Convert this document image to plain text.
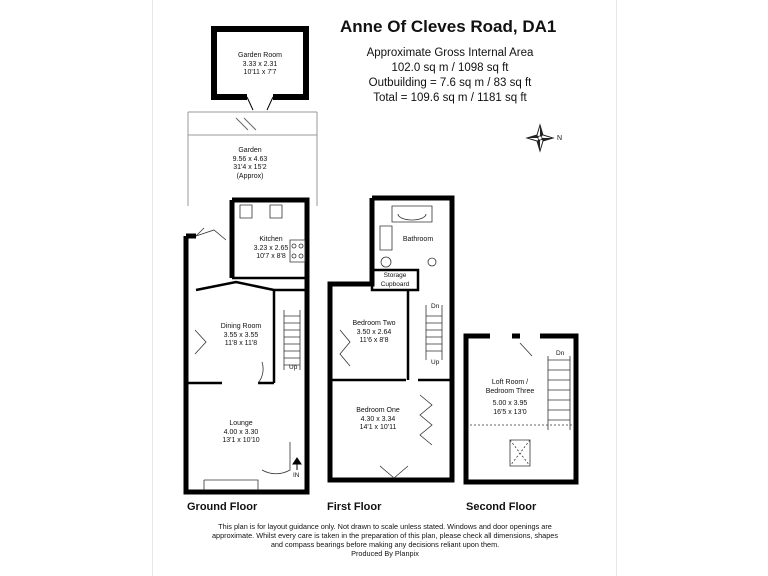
Anne Of Cleves Road, DA1
Approximate Gross Internal Area
102.0 sq m / 1098 sq ft
Outbuilding = 7.6 sq m / 83 sq ft
Total = 109.6 sq m / 1181 sq ft
N
Garden Room
3.33 x 2.31
10'11 x 7'7
Garden
9.56 x 4.63
31'4 x 15'2
(Approx)
Kitchen
3.23 x 2.65
10'7 x 8'8
Dining Room
3.55 x 3.55
11'8 x 11'8
Lounge
4.00 x 3.30
13'1 x 10'10
Bathroom
Storage
Cupboard
Bedroom Two
3.50 x 2.64
11'6 x 8'8
Bedroom One
4.30 x 3.34
14'1 x 10'11
Loft Room /
Bedroom Three
5.00 x 3.95
16'5 x 13'0
Up
Dn
Up
Dn
IN
Ground Floor	First Floor	Second Floor
This plan is for layout guidance only. Not drawn to scale unless stated. Windows and door openings are approximate. Whilst every care is taken in the preparation of this plan, please check all dimensions, shapes and compass bearings before making any decisions reliant upon them.
Produced By Planpix
